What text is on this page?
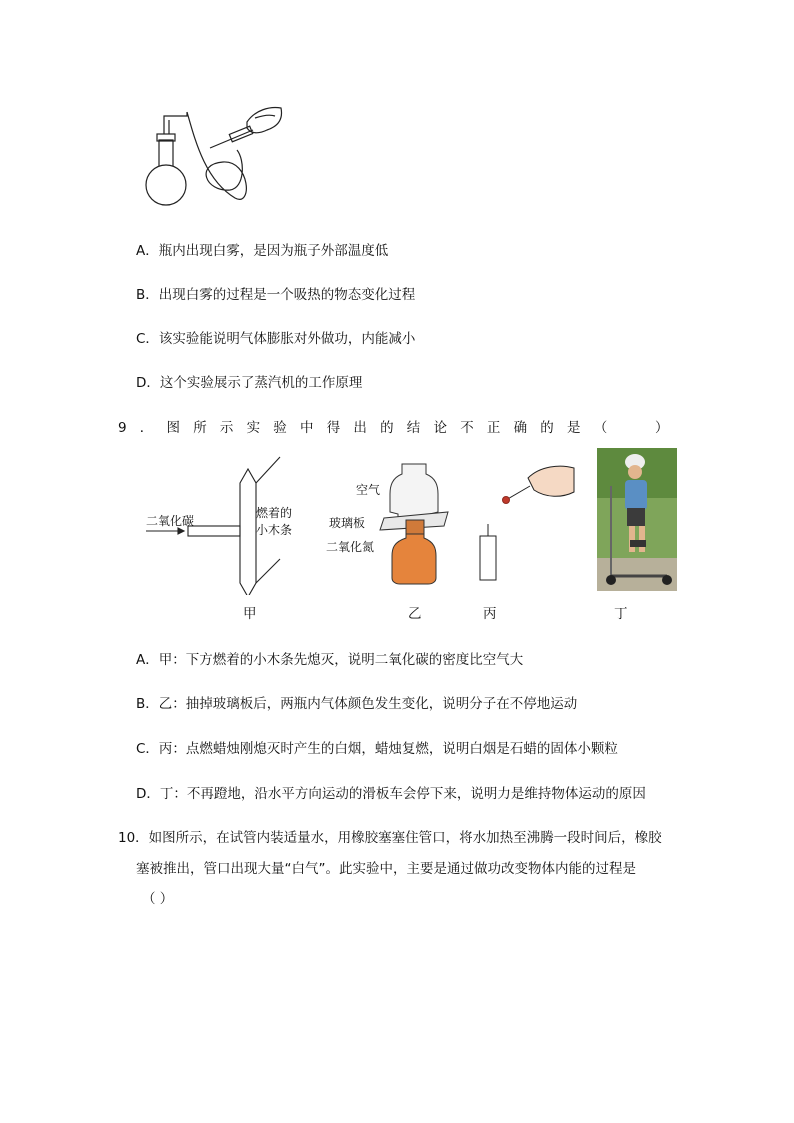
A．瓶内出现白雾，是因为瓶子外部温度低
B．出现白雾的过程是一个吸热的物态变化过程
C．该实验能说明气体膨胀对外做功，内能减小
D．这个实验展示了蒸汽机的工作原理
9．图所示实验中得出的结论不正确的是（	）
二氧化碳
燃着的
小木条
甲
空气
玻璃板
二氧化氮
乙	丙	丁
A．甲：下方燃着的小木条先熄灭，说明二氧化碳的密度比空气大
B．乙：抽掉玻璃板后，两瓶内气体颜色发生变化，说明分子在不停地运动
C．丙：点燃蜡烛刚熄灭时产生的白烟，蜡烛复燃，说明白烟是石蜡的固体小颗粒
D．丁：不再蹬地，沿水平方向运动的滑板车会停下来，说明力是维持物体运动的原因
10．如图所示，在试管内装适量水，用橡胶塞塞住管口，将水加热至沸腾一段时间后，橡胶
塞被推出，管口出现大量“白气”。此实验中，主要是通过做功改变物体内能的过程是
（ ）
